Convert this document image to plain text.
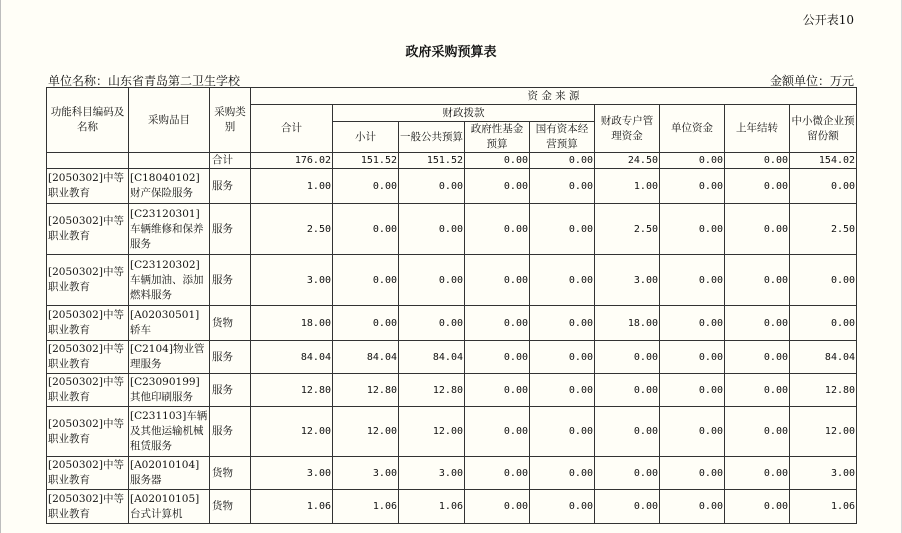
公开表10
政府采购预算表
单位名称：山东省青岛第二卫生学校	金额单位：万元
功能科目编码及名称	采购品目	采购类别	资 金 来 源								
			合计	财政拨款				财政专户管理资金	单位资金	上年结转	中小微企业预留份额
				小计	一般公共预算	政府性基金预算	国有资本经营预算				
		合计	176.02	151.52	151.52	0.00	0.00	24.50	0.00	0.00	154.02
[2050302]中等职业教育	[C18040102]财产保险服务	服务	1.00	0.00	0.00	0.00	0.00	1.00	0.00	0.00	0.00
[2050302]中等职业教育	[C23120301]车辆维修和保养服务	服务	2.50	0.00	0.00	0.00	0.00	2.50	0.00	0.00	2.50
[2050302]中等职业教育	[C23120302]车辆加油、添加燃料服务	服务	3.00	0.00	0.00	0.00	0.00	3.00	0.00	0.00	0.00
[2050302]中等职业教育	[A02030501]轿车	货物	18.00	0.00	0.00	0.00	0.00	18.00	0.00	0.00	0.00
[2050302]中等职业教育	[C2104]物业管理服务	服务	84.04	84.04	84.04	0.00	0.00	0.00	0.00	0.00	84.04
[2050302]中等职业教育	[C23090199]其他印刷服务	服务	12.80	12.80	12.80	0.00	0.00	0.00	0.00	0.00	12.80
[2050302]中等职业教育	[C231103]车辆及其他运输机械租赁服务	服务	12.00	12.00	12.00	0.00	0.00	0.00	0.00	0.00	12.00
[2050302]中等职业教育	[A02010104]服务器	货物	3.00	3.00	3.00	0.00	0.00	0.00	0.00	0.00	3.00
[2050302]中等职业教育	[A02010105]台式计算机	货物	1.06	1.06	1.06	0.00	0.00	0.00	0.00	0.00	1.06
